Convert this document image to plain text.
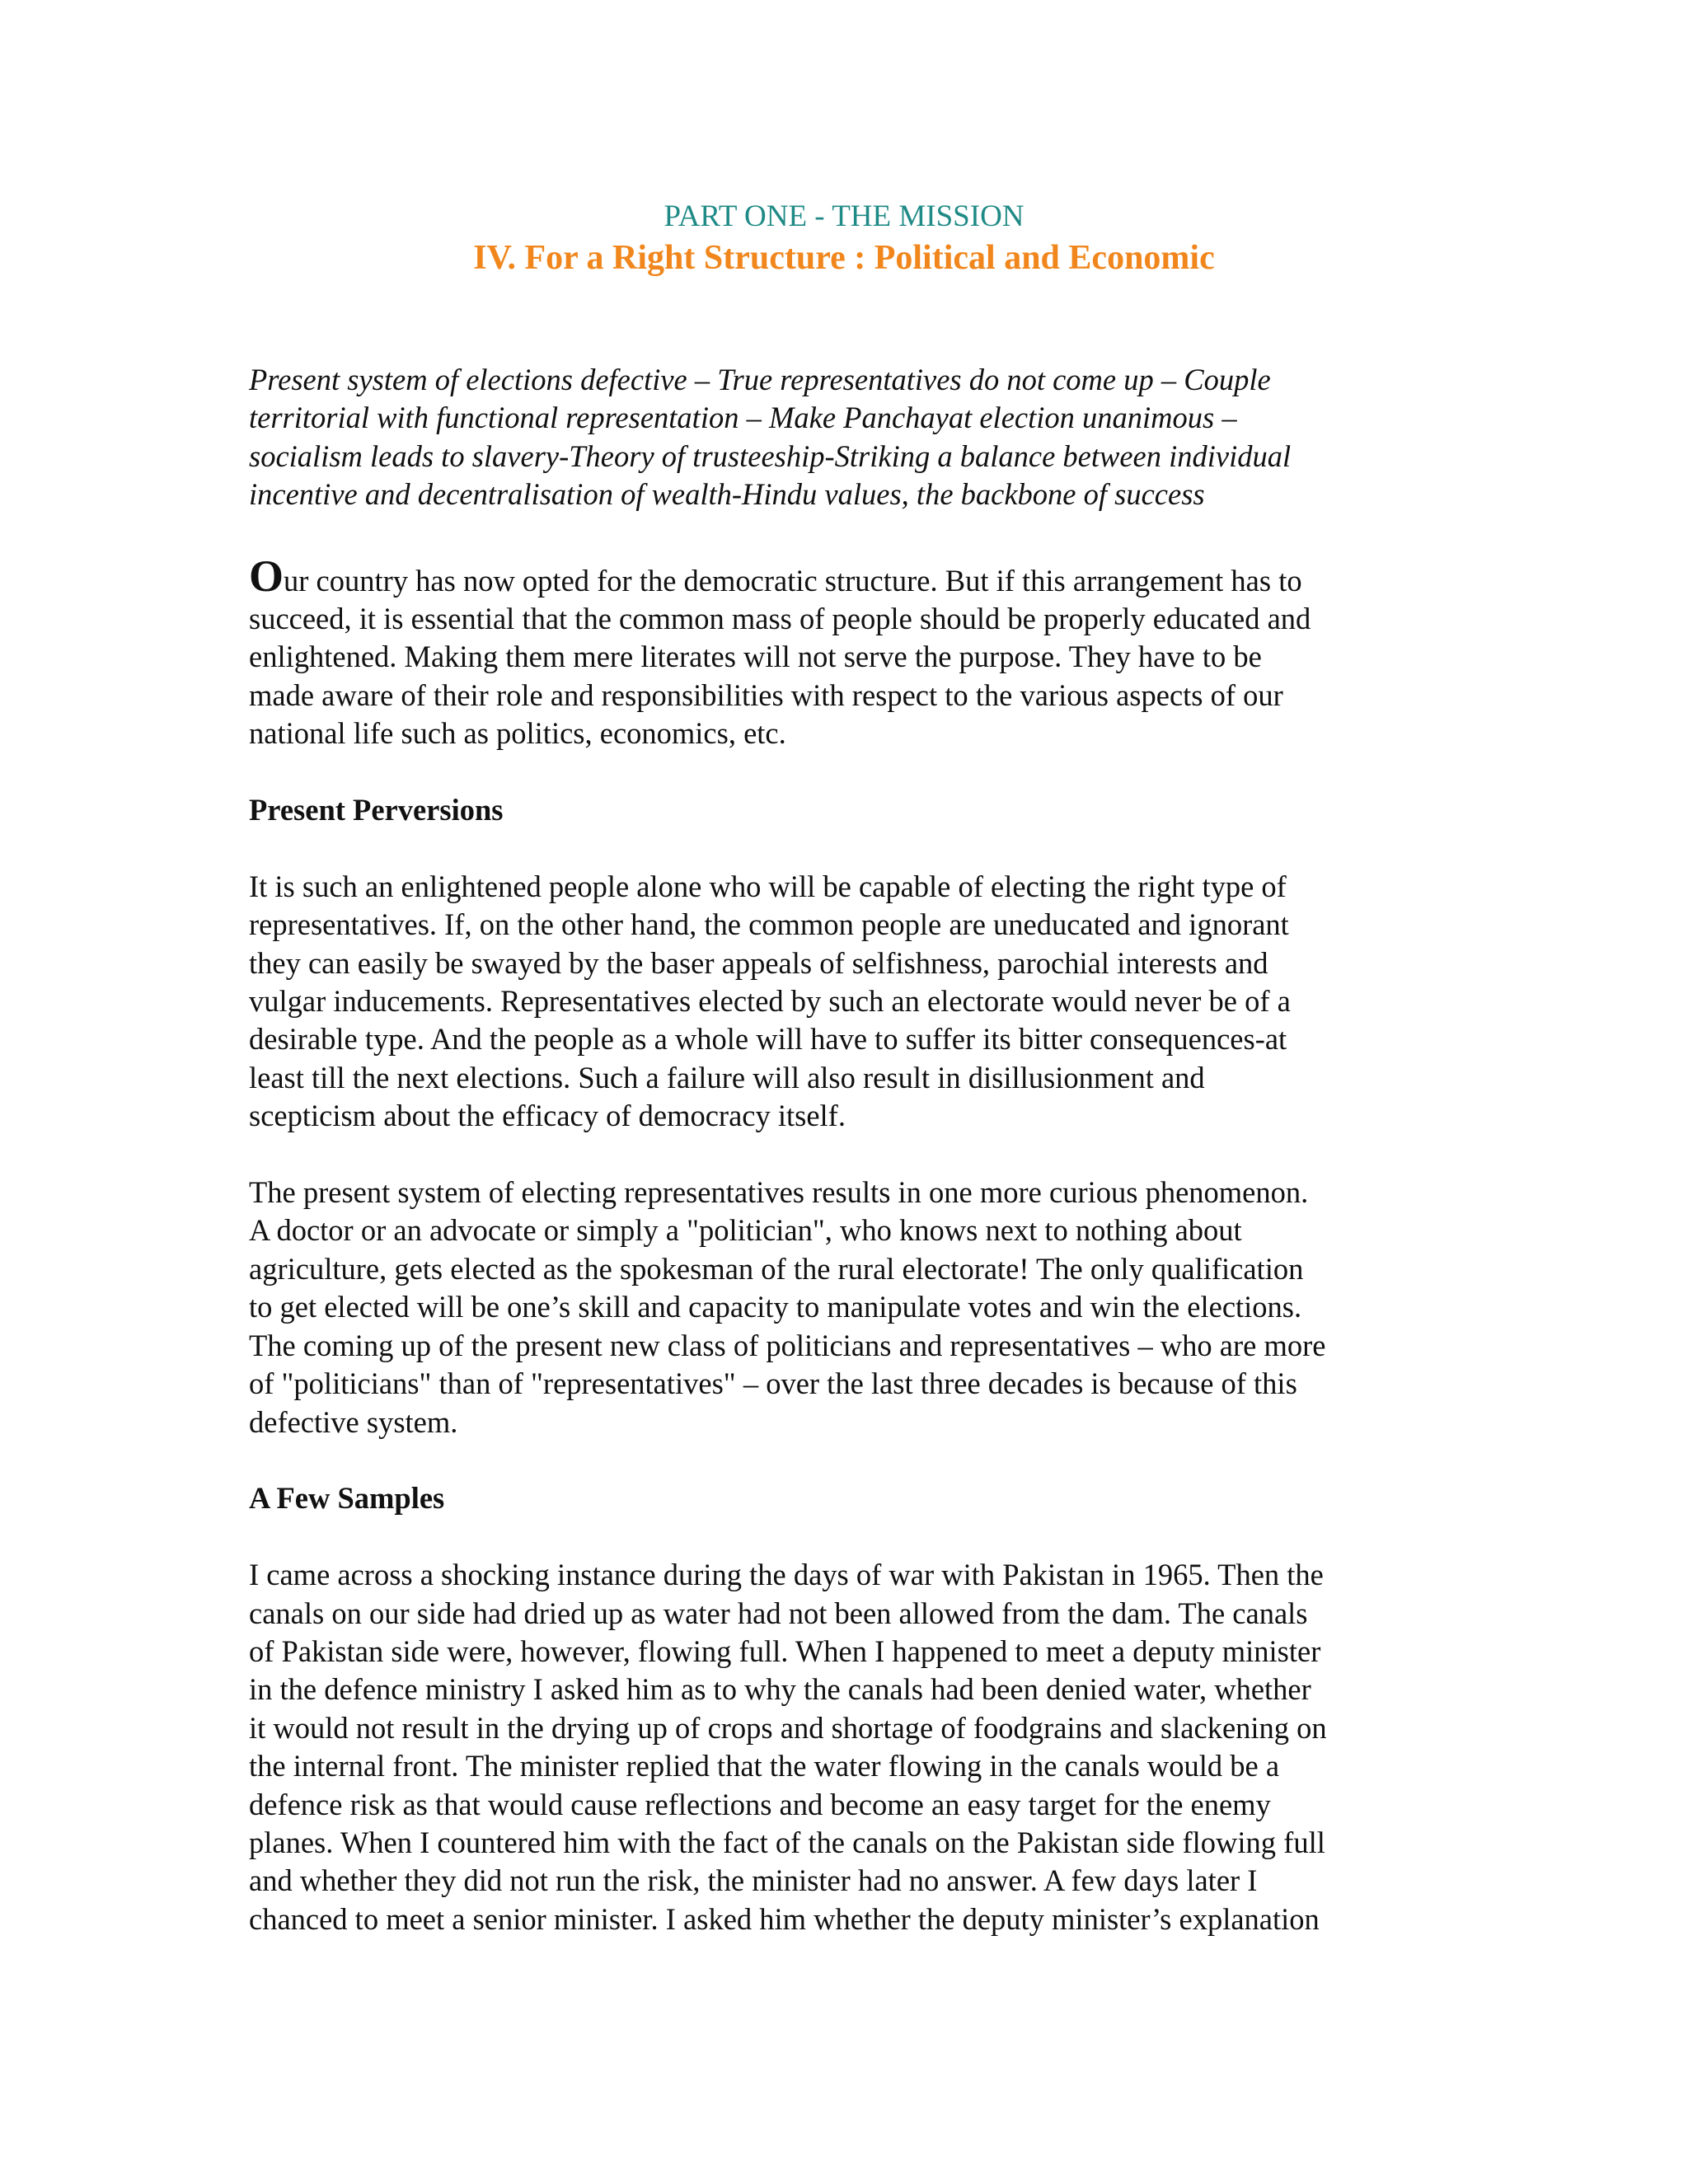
PART ONE - THE MISSION
IV. For a Right Structure : Political and Economic

Present system of elections defective – True representatives do not come up – Couple
territorial with functional representation – Make Panchayat election unanimous –
socialism leads to slavery-Theory of trusteeship-Striking a balance between individual
incentive and decentralisation of wealth-Hindu values, the backbone of success

Our country has now opted for the democratic structure. But if this arrangement has to
succeed, it is essential that the common mass of people should be properly educated and
enlightened. Making them mere literates will not serve the purpose. They have to be
made aware of their role and responsibilities with respect to the various aspects of our
national life such as politics, economics, etc.

Present Perversions

It is such an enlightened people alone who will be capable of electing the right type of
representatives. If, on the other hand, the common people are uneducated and ignorant
they can easily be swayed by the baser appeals of selfishness, parochial interests and
vulgar inducements. Representatives elected by such an electorate would never be of a
desirable type. And the people as a whole will have to suffer its bitter consequences-at
least till the next elections. Such a failure will also result in disillusionment and
scepticism about the efficacy of democracy itself.

The present system of electing representatives results in one more curious phenomenon.
A doctor or an advocate or simply a "politician", who knows next to nothing about
agriculture, gets elected as the spokesman of the rural electorate! The only qualification
to get elected will be one’s skill and capacity to manipulate votes and win the elections.
The coming up of the present new class of politicians and representatives – who are more
of "politicians" than of "representatives" – over the last three decades is because of this
defective system.

A Few Samples

I came across a shocking instance during the days of war with Pakistan in 1965. Then the
canals on our side had dried up as water had not been allowed from the dam. The canals
of Pakistan side were, however, flowing full. When I happened to meet a deputy minister
in the defence ministry I asked him as to why the canals had been denied water, whether
it would not result in the drying up of crops and shortage of foodgrains and slackening on
the internal front. The minister replied that the water flowing in the canals would be a
defence risk as that would cause reflections and become an easy target for the enemy
planes. When I countered him with the fact of the canals on the Pakistan side flowing full
and whether they did not run the risk, the minister had no answer. A few days later I
chanced to meet a senior minister. I asked him whether the deputy minister’s explanation
